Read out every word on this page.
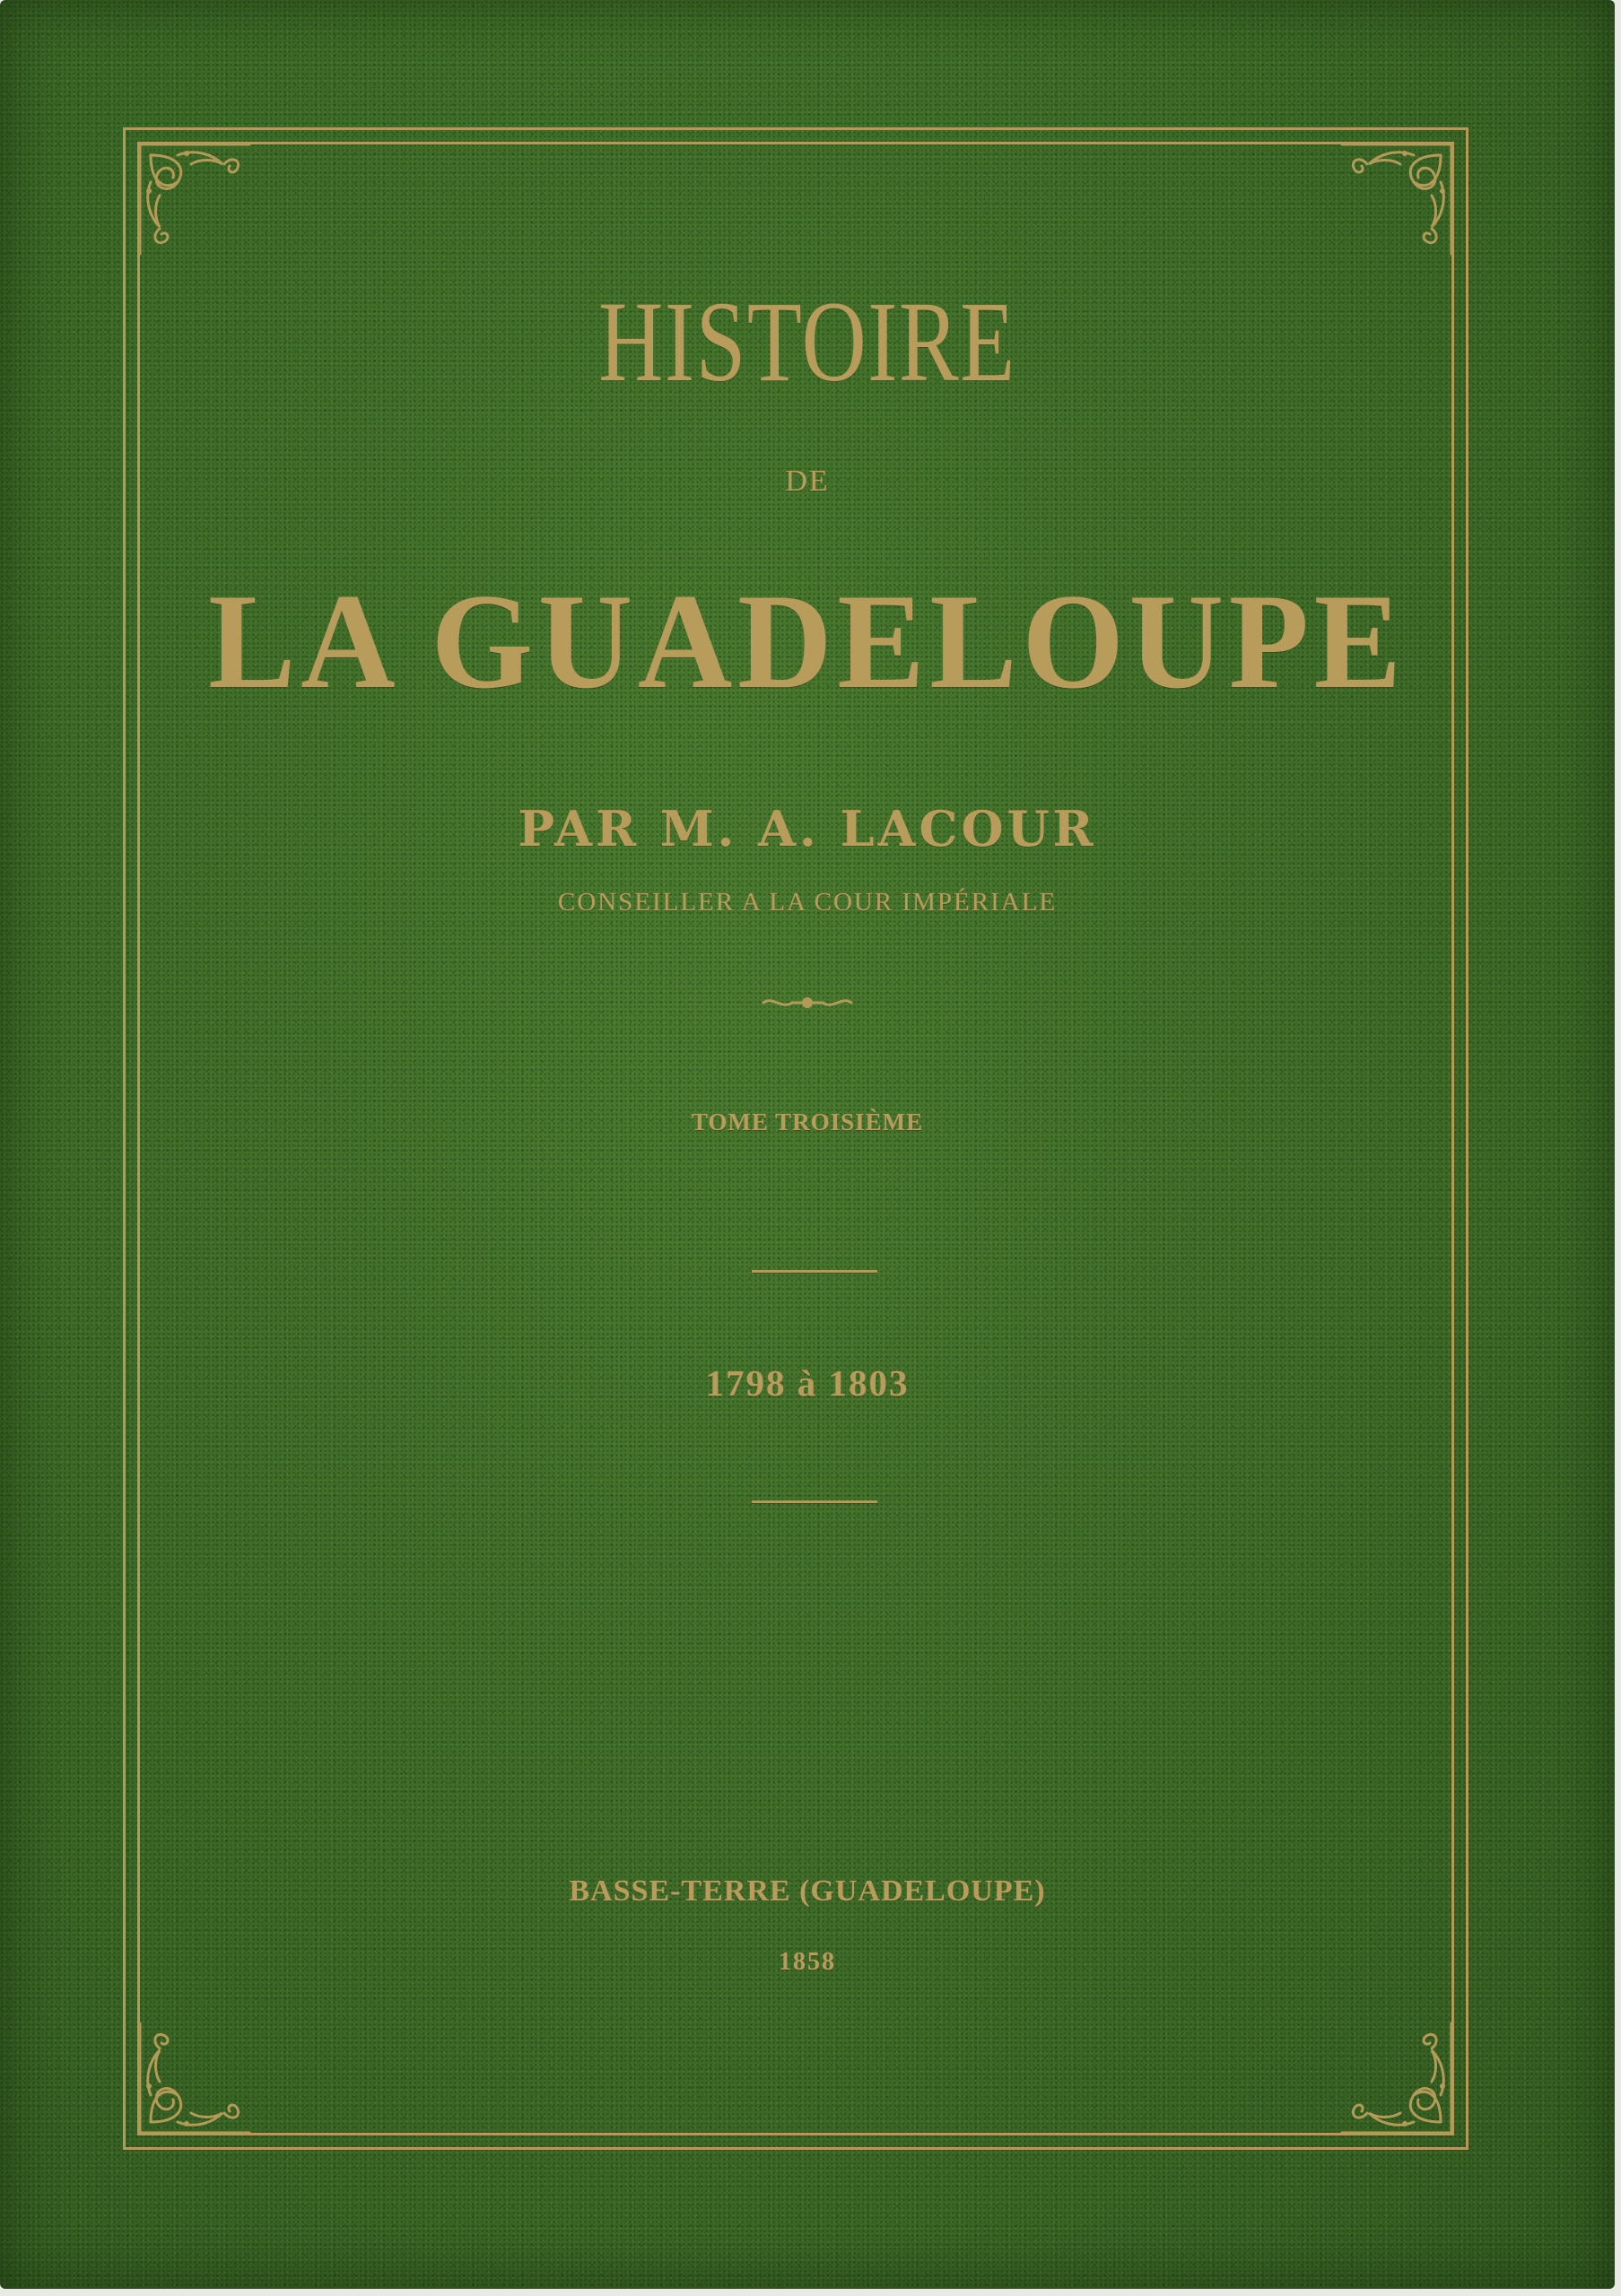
HISTOIRE
DE
LA GUADELOUPE
PAR M. A. LACOUR
CONSEILLER A LA COUR IMPÉRIALE
TOME TROISIÈME
1798 à 1803
BASSE-TERRE (GUADELOUPE)
1858
